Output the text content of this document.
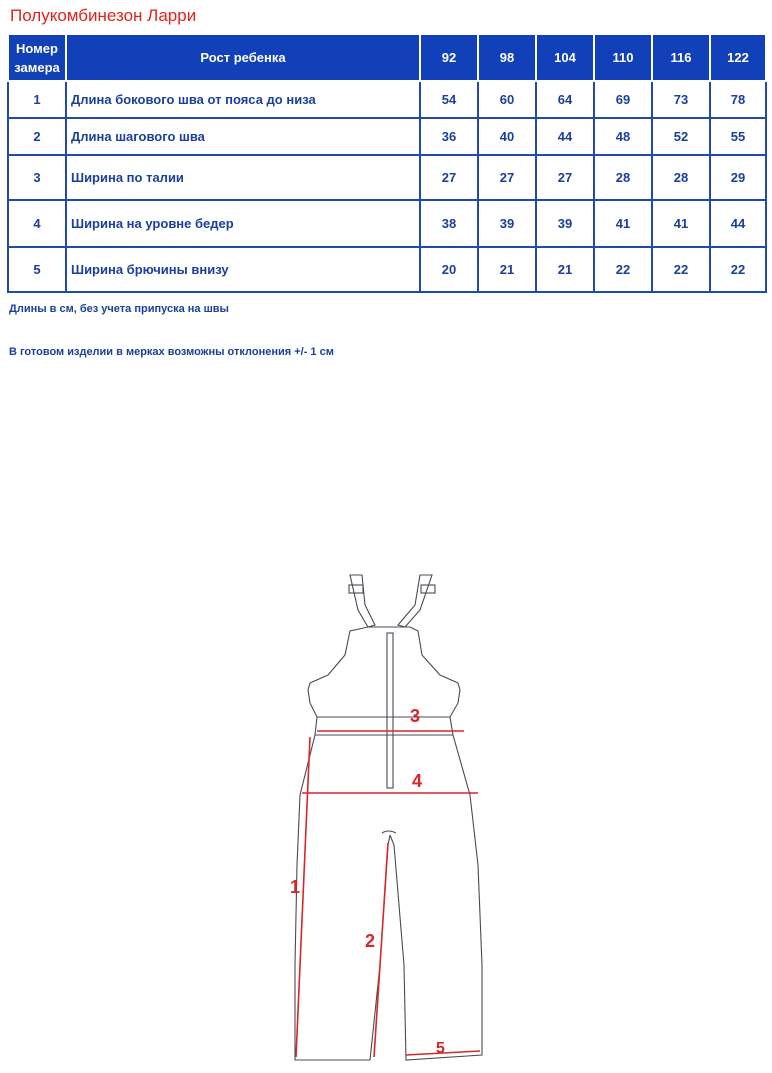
Полукомбинезон Ларри
Номер
замера	Рост ребенка	92	98	104	110	116	122
1	Длина бокового шва от пояса до низа	54	60	64	69	73	78
2	Длина шагового шва	36	40	44	48	52	55
3	Ширина по талии	27	27	27	28	28	29
4	Ширина на уровне бедер	38	39	39	41	41	44
5	Ширина брючины внизу	20	21	21	22	22	22
Длины в см, без учета припуска на швы
В готовом изделии в мерках возможны отклонения +/- 1 см
3
4
1
2
5
